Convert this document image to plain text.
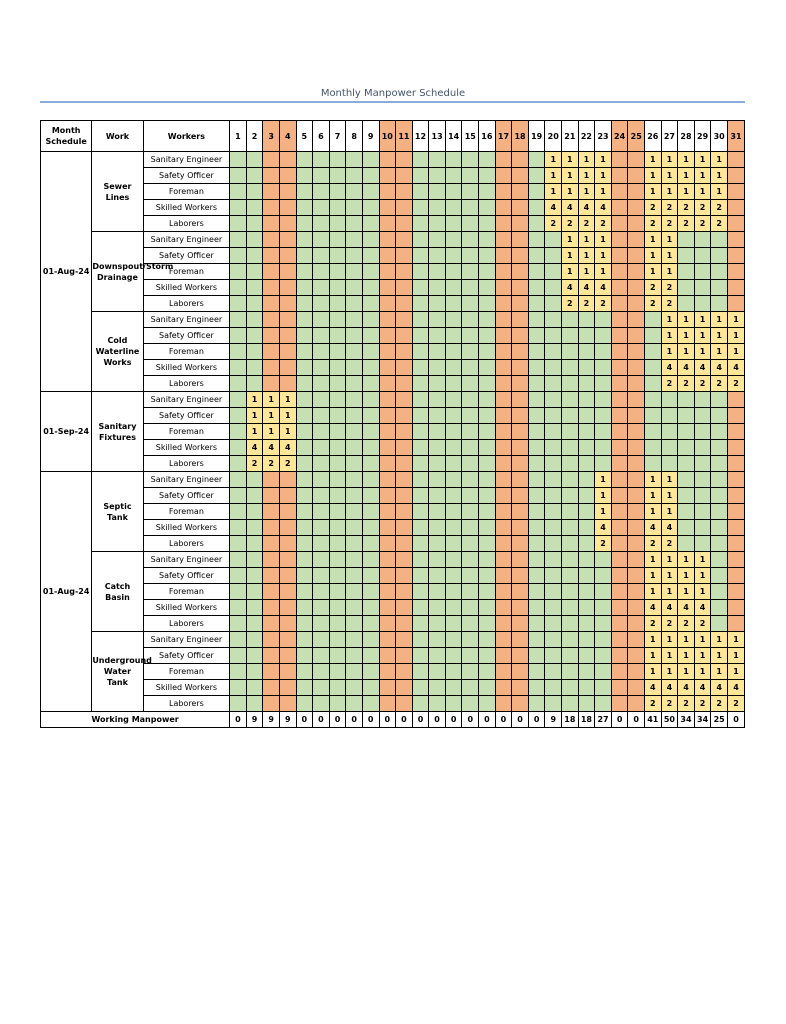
Monthly Manpower Schedule
Month Schedule	Work	Workers	1	2	3	4	5	6	7	8	9	10	11	12	13	14	15	16	17	18	19	20	21	22	23	24	25	26	27	28	29	30	31
01-Aug-24	Sewer Lines	Sanitary Engineer																				1	1	1	1			1	1	1	1	1	
		Safety Officer																				1	1	1	1			1	1	1	1	1	
		Foreman																				1	1	1	1			1	1	1	1	1	
		Skilled Workers																				4	4	4	4			2	2	2	2	2	
		Laborers																				2	2	2	2			2	2	2	2	2	
	Downspout/Storm Drainage	Sanitary Engineer																					1	1	1			1	1				
		Safety Officer																					1	1	1			1	1				
		Foreman																					1	1	1			1	1				
		Skilled Workers																					4	4	4			2	2				
		Laborers																					2	2	2			2	2				
	Cold Waterline Works	Sanitary Engineer																											1	1	1	1	1
		Safety Officer																											1	1	1	1	1
		Foreman																											1	1	1	1	1
		Skilled Workers																											4	4	4	4	4
		Laborers																											2	2	2	2	2
01-Sep-24	Sanitary Fixtures	Sanitary Engineer		1	1	1																											
		Safety Officer		1	1	1																											
		Foreman		1	1	1																											
		Skilled Workers		4	4	4																											
		Laborers		2	2	2																											
01-Aug-24	Septic Tank	Sanitary Engineer																							1			1	1				
		Safety Officer																							1			1	1				
		Foreman																							1			1	1				
		Skilled Workers																							4			4	4				
		Laborers																							2			2	2				
	Catch Basin	Sanitary Engineer																										1	1	1	1		
		Safety Officer																										1	1	1	1		
		Foreman																										1	1	1	1		
		Skilled Workers																										4	4	4	4		
		Laborers																										2	2	2	2		
	Underground Water Tank	Sanitary Engineer																										1	1	1	1	1	1
		Safety Officer																										1	1	1	1	1	1
		Foreman																										1	1	1	1	1	1
		Skilled Workers																										4	4	4	4	4	4
		Laborers																										2	2	2	2	2	2
Working Manpower			0	9	9	9	0	0	0	0	0	0	0	0	0	0	0	0	0	0	0	9	18	18	27	0	0	41	50	34	34	25	0
